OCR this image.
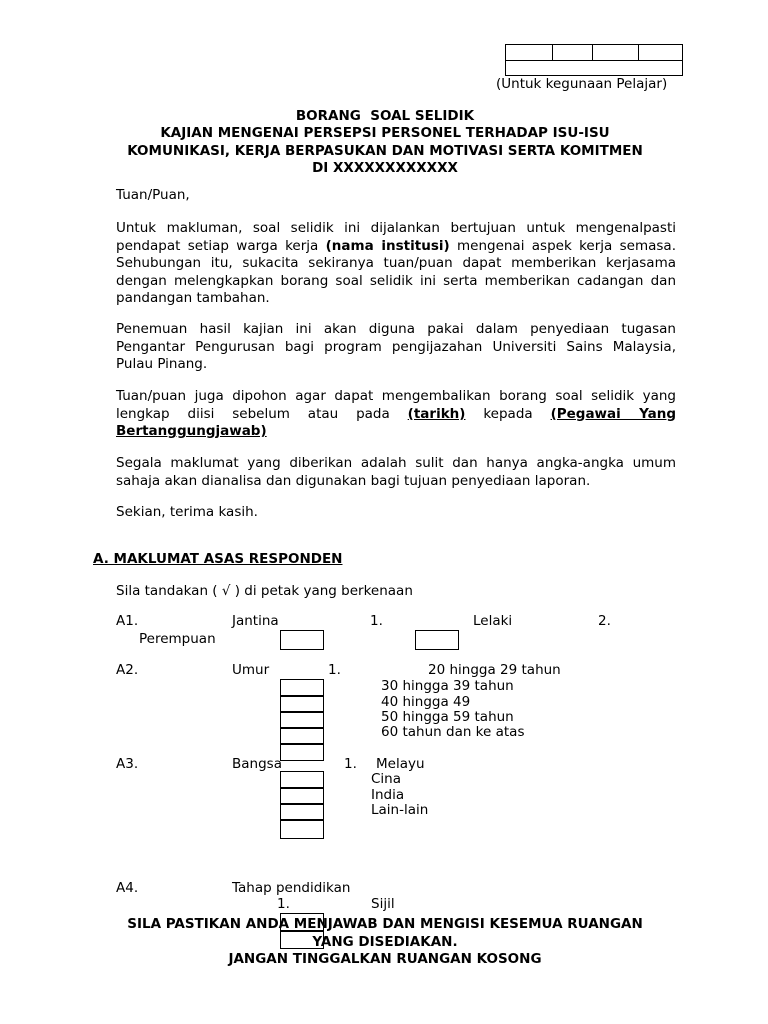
(Untuk kegunaan Pelajar)
BORANG  SOAL SELIDIK
KAJIAN MENGENAI PERSEPSI PERSONEL TERHADAP ISU-ISU
KOMUNIKASI, KERJA BERPASUKAN DAN MOTIVASI SERTA KOMITMEN
DI XXXXXXXXXXXX
Tuan/Puan,
Untuk makluman, soal selidik ini dijalankan bertujuan untuk mengenalpasti pendapat setiap warga kerja (nama institusi) mengenai aspek kerja semasa. Sehubungan itu, sukacita sekiranya tuan/puan dapat memberikan kerjasama dengan melengkapkan borang soal selidik ini serta memberikan cadangan dan pandangan tambahan.
Penemuan hasil kajian ini akan diguna pakai dalam penyediaan tugasan Pengantar Pengurusan bagi program pengijazahan Universiti Sains Malaysia, Pulau Pinang.
Tuan/puan juga dipohon agar dapat mengembalikan borang soal selidik yang lengkap diisi sebelum atau pada (tarikh) kepada (Pegawai Yang Bertanggungjawab)
Segala maklumat yang diberikan adalah sulit dan hanya angka-angka umum sahaja akan dianalisa dan digunakan bagi tujuan penyediaan laporan.
Sekian, terima kasih.
A. MAKLUMAT ASAS RESPONDEN
Sila tandakan ( √ ) di petak yang berkenaan
A1.	Jantina	1.	Lelaki	2.
Perempuan
A2.	Umur	1.	20 hingga 29 tahun
30 hingga 39 tahun
40 hingga 49
50 hingga 59 tahun
60 tahun dan ke atas
A3.	Bangsa	1. Melayu
Cina
India
Lain-lain
A4.	Tahap pendidikan
1.	Sijil
SILA PASTIKAN ANDA MENJAWAB DAN MENGISI KESEMUA RUANGAN
YANG DISEDIAKAN.
JANGAN TINGGALKAN RUANGAN KOSONG
